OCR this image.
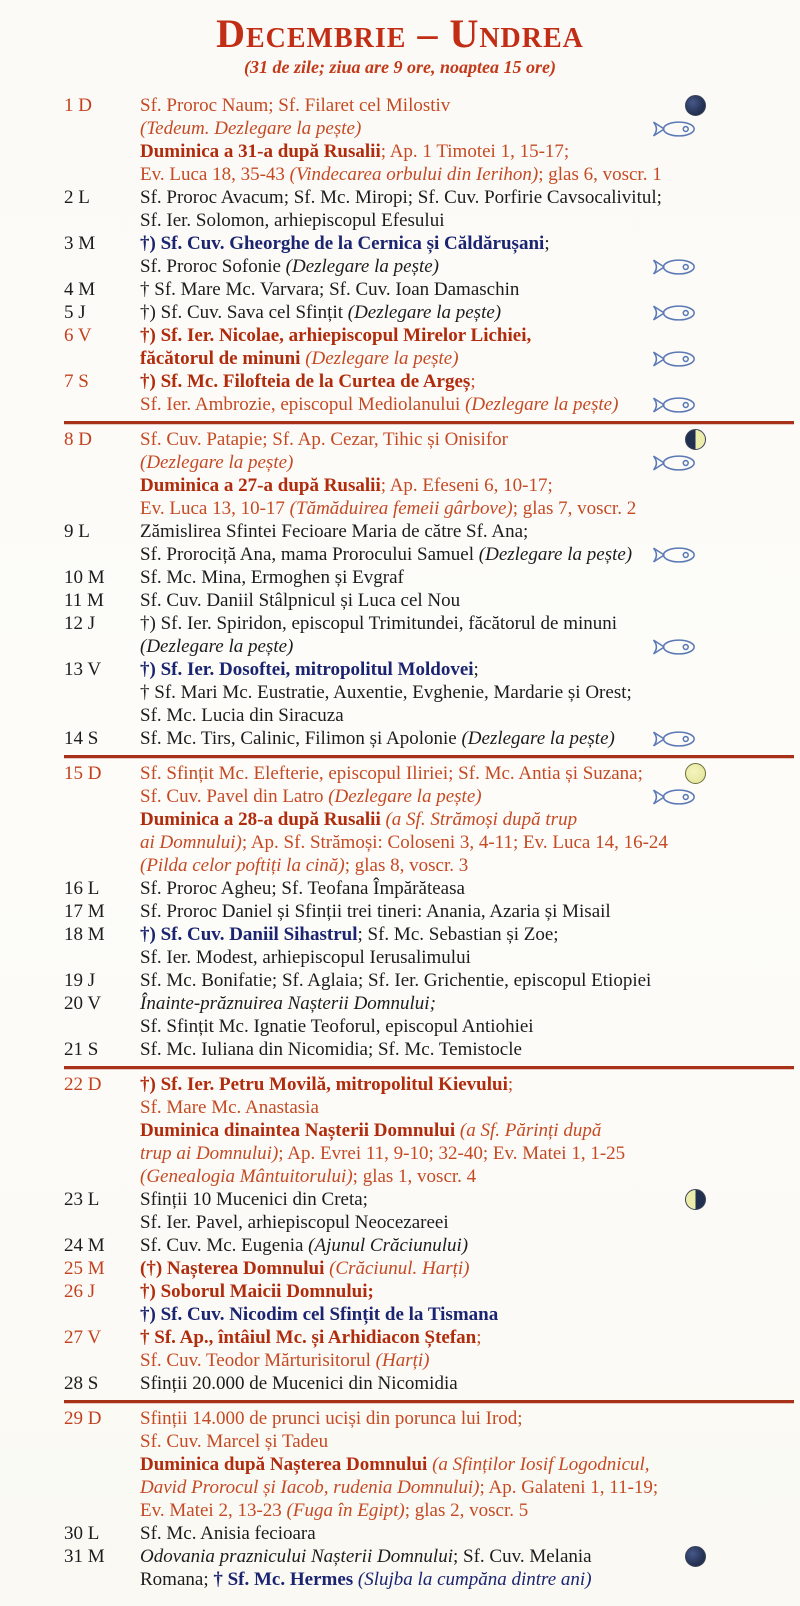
Decembrie – Undrea
(31 de zile; ziua are 9 ore, noaptea 15 ore)
1 D	Sf. Proroc Naum; Sf. Filaret cel Milostiv
(Tedeum. Dezlegare la pește)
Duminica a 31-a după Rusalii; Ap. 1 Timotei 1, 15-17;
Ev. Luca 18, 35-43 (Vindecarea orbului din Ierihon); glas 6, voscr. 1
2 L	Sf. Proroc Avacum; Sf. Mc. Miropi; Sf. Cuv. Porfirie Cavsocalivitul;
Sf. Ier. Solomon, arhiepiscopul Efesului
3 M	†) Sf. Cuv. Gheorghe de la Cernica și Căldărușani;
Sf. Proroc Sofonie (Dezlegare la pește)
4 M	† Sf. Mare Mc. Varvara; Sf. Cuv. Ioan Damaschin
5 J	†) Sf. Cuv. Sava cel Sfințit (Dezlegare la pește)
6 V	†) Sf. Ier. Nicolae, arhiepiscopul Mirelor Lichiei,
făcătorul de minuni (Dezlegare la pește)
7 S	†) Sf. Mc. Filofteia de la Curtea de Argeș;
Sf. Ier. Ambrozie, episcopul Mediolanului (Dezlegare la pește)
8 D	Sf. Cuv. Patapie; Sf. Ap. Cezar, Tihic și Onisifor
(Dezlegare la pește)
Duminica a 27-a după Rusalii; Ap. Efeseni 6, 10-17;
Ev. Luca 13, 10-17 (Tămăduirea femeii gârbove); glas 7, voscr. 2
9 L	Zămislirea Sfintei Fecioare Maria de către Sf. Ana;
Sf. Prorociță Ana, mama Prorocului Samuel (Dezlegare la pește)
10 M	Sf. Mc. Mina, Ermoghen și Evgraf
11 M	Sf. Cuv. Daniil Stâlpnicul și Luca cel Nou
12 J	†) Sf. Ier. Spiridon, episcopul Trimitundei, făcătorul de minuni
(Dezlegare la pește)
13 V	†) Sf. Ier. Dosoftei, mitropolitul Moldovei;
† Sf. Mari Mc. Eustratie, Auxentie, Evghenie, Mardarie și Orest;
Sf. Mc. Lucia din Siracuza
14 S	Sf. Mc. Tirs, Calinic, Filimon și Apolonie (Dezlegare la pește)
15 D	Sf. Sfințit Mc. Elefterie, episcopul Iliriei; Sf. Mc. Antia și Suzana;
Sf. Cuv. Pavel din Latro (Dezlegare la pește)
Duminica a 28-a după Rusalii (a Sf. Strămoși după trup
ai Domnului); Ap. Sf. Strămoși: Coloseni 3, 4-11; Ev. Luca 14, 16-24
(Pilda celor poftiți la cină); glas 8, voscr. 3
16 L	Sf. Proroc Agheu; Sf. Teofana Împărăteasa
17 M	Sf. Proroc Daniel și Sfinții trei tineri: Anania, Azaria și Misail
18 M	†) Sf. Cuv. Daniil Sihastrul; Sf. Mc. Sebastian și Zoe;
Sf. Ier. Modest, arhiepiscopul Ierusalimului
19 J	Sf. Mc. Bonifatie; Sf. Aglaia; Sf. Ier. Grichentie, episcopul Etiopiei
20 V	Înainte-prăznuirea Nașterii Domnului;
Sf. Sfințit Mc. Ignatie Teoforul, episcopul Antiohiei
21 S	Sf. Mc. Iuliana din Nicomidia; Sf. Mc. Temistocle
22 D	†) Sf. Ier. Petru Movilă, mitropolitul Kievului;
Sf. Mare Mc. Anastasia
Duminica dinaintea Nașterii Domnului (a Sf. Părinți după
trup ai Domnului); Ap. Evrei 11, 9-10; 32-40; Ev. Matei 1, 1-25
(Genealogia Mântuitorului); glas 1, voscr. 4
23 L	Sfinții 10 Mucenici din Creta;
Sf. Ier. Pavel, arhiepiscopul Neocezareei
24 M	Sf. Cuv. Mc. Eugenia (Ajunul Crăciunului)
25 M	(†) Nașterea Domnului (Crăciunul. Harți)
26 J	†) Soborul Maicii Domnului;
†) Sf. Cuv. Nicodim cel Sfințit de la Tismana
27 V	† Sf. Ap., întâiul Mc. și Arhidiacon Ștefan;
Sf. Cuv. Teodor Mărturisitorul (Harți)
28 S	Sfinții 20.000 de Mucenici din Nicomidia
29 D	Sfinții 14.000 de prunci uciși din porunca lui Irod;
Sf. Cuv. Marcel și Tadeu
Duminica după Nașterea Domnului (a Sfinților Iosif Logodnicul,
David Prorocul și Iacob, rudenia Domnului); Ap. Galateni 1, 11-19;
Ev. Matei 2, 13-23 (Fuga în Egipt); glas 2, voscr. 5
30 L	Sf. Mc. Anisia fecioara
31 M	Odovania praznicului Nașterii Domnului; Sf. Cuv. Melania
Romana; † Sf. Mc. Hermes (Slujba la cumpăna dintre ani)
